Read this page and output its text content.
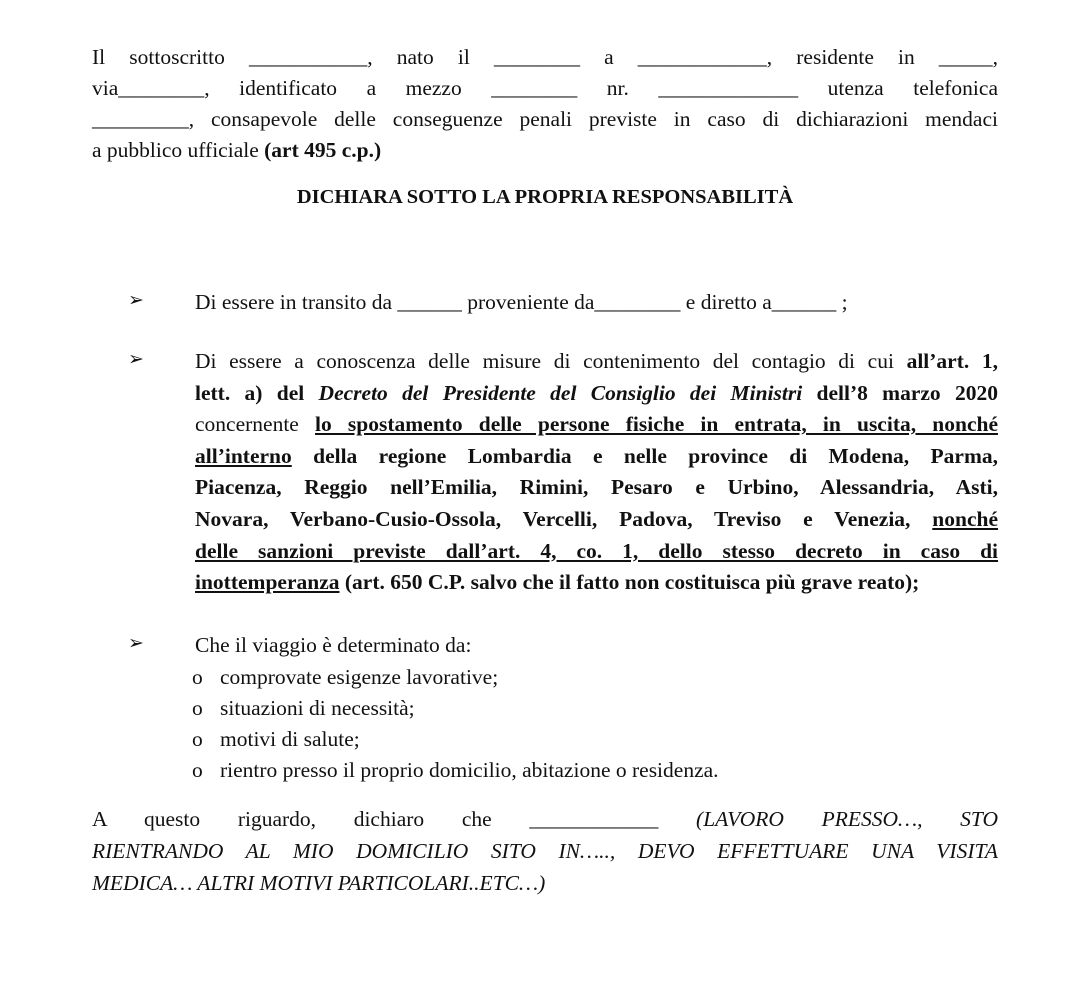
Il sottoscritto ___________, nato il ________ a ____________, residente in _____,
via________, identificato a mezzo ________ nr. _____________ utenza telefonica
_________, consapevole delle conseguenze penali previste in caso di dichiarazioni mendaci
a pubblico ufficiale (art 495 c.p.)
DICHIARA SOTTO LA PROPRIA RESPONSABILITÀ
➢ Di essere in transito da ______ proveniente da________ e diretto a______ ;
➢ Di essere a conoscenza delle misure di contenimento del contagio di cui all’art. 1,
lett. a) del Decreto del Presidente del Consiglio dei Ministri dell’8 marzo 2020
concernente lo spostamento delle persone fisiche in entrata, in uscita, nonché
all’interno della regione Lombardia e nelle province di Modena, Parma,
Piacenza, Reggio nell’Emilia, Rimini, Pesaro e Urbino, Alessandria, Asti,
Novara, Verbano-Cusio-Ossola, Vercelli, Padova, Treviso e Venezia, nonché
delle sanzioni previste dall’art. 4, co. 1, dello stesso decreto in caso di
inottemperanza (art. 650 C.P. salvo che il fatto non costituisca più grave reato);
➢ Che il viaggio è determinato da:
o comprovate esigenze lavorative;
o situazioni di necessità;
o motivi di salute;
o rientro presso il proprio domicilio, abitazione o residenza.
A questo riguardo, dichiaro che ____________ (LAVORO PRESSO…, STO
RIENTRANDO AL MIO DOMICILIO SITO IN….., DEVO EFFETTUARE UNA VISITA
MEDICA… ALTRI MOTIVI PARTICOLARI..ETC…)
